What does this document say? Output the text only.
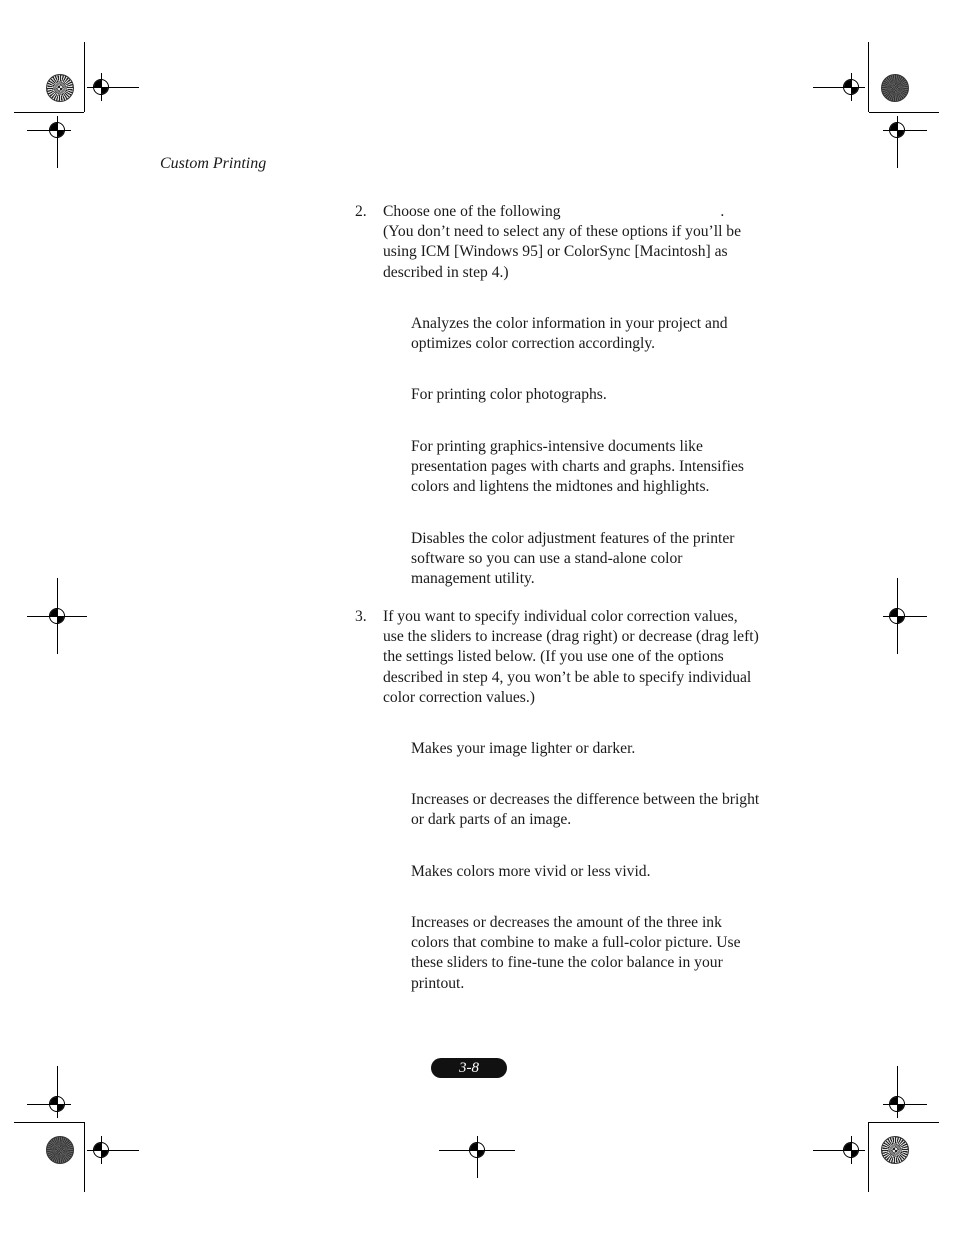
Custom Printing
2. Choose one of the following                                         .
(You don’t need to select any of these options if you’ll be
using ICM [Windows 95] or ColorSync [Macintosh] as
described in step 4.)
Analyzes the color information in your project and
optimizes color correction accordingly.
For printing color photographs.
For printing graphics-intensive documents like
presentation pages with charts and graphs. Intensifies
colors and lightens the midtones and highlights.
Disables the color adjustment features of the printer
software so you can use a stand-alone color
management utility.
3. If you want to specify individual color correction values,
use the sliders to increase (drag right) or decrease (drag left)
the settings listed below. (If you use one of the options
described in step 4, you won’t be able to specify individual
color correction values.)
Makes your image lighter or darker.
Increases or decreases the difference between the bright
or dark parts of an image.
Makes colors more vivid or less vivid.
Increases or decreases the amount of the three ink
colors that combine to make a full-color picture. Use
these sliders to fine-tune the color balance in your
printout.
3-8
